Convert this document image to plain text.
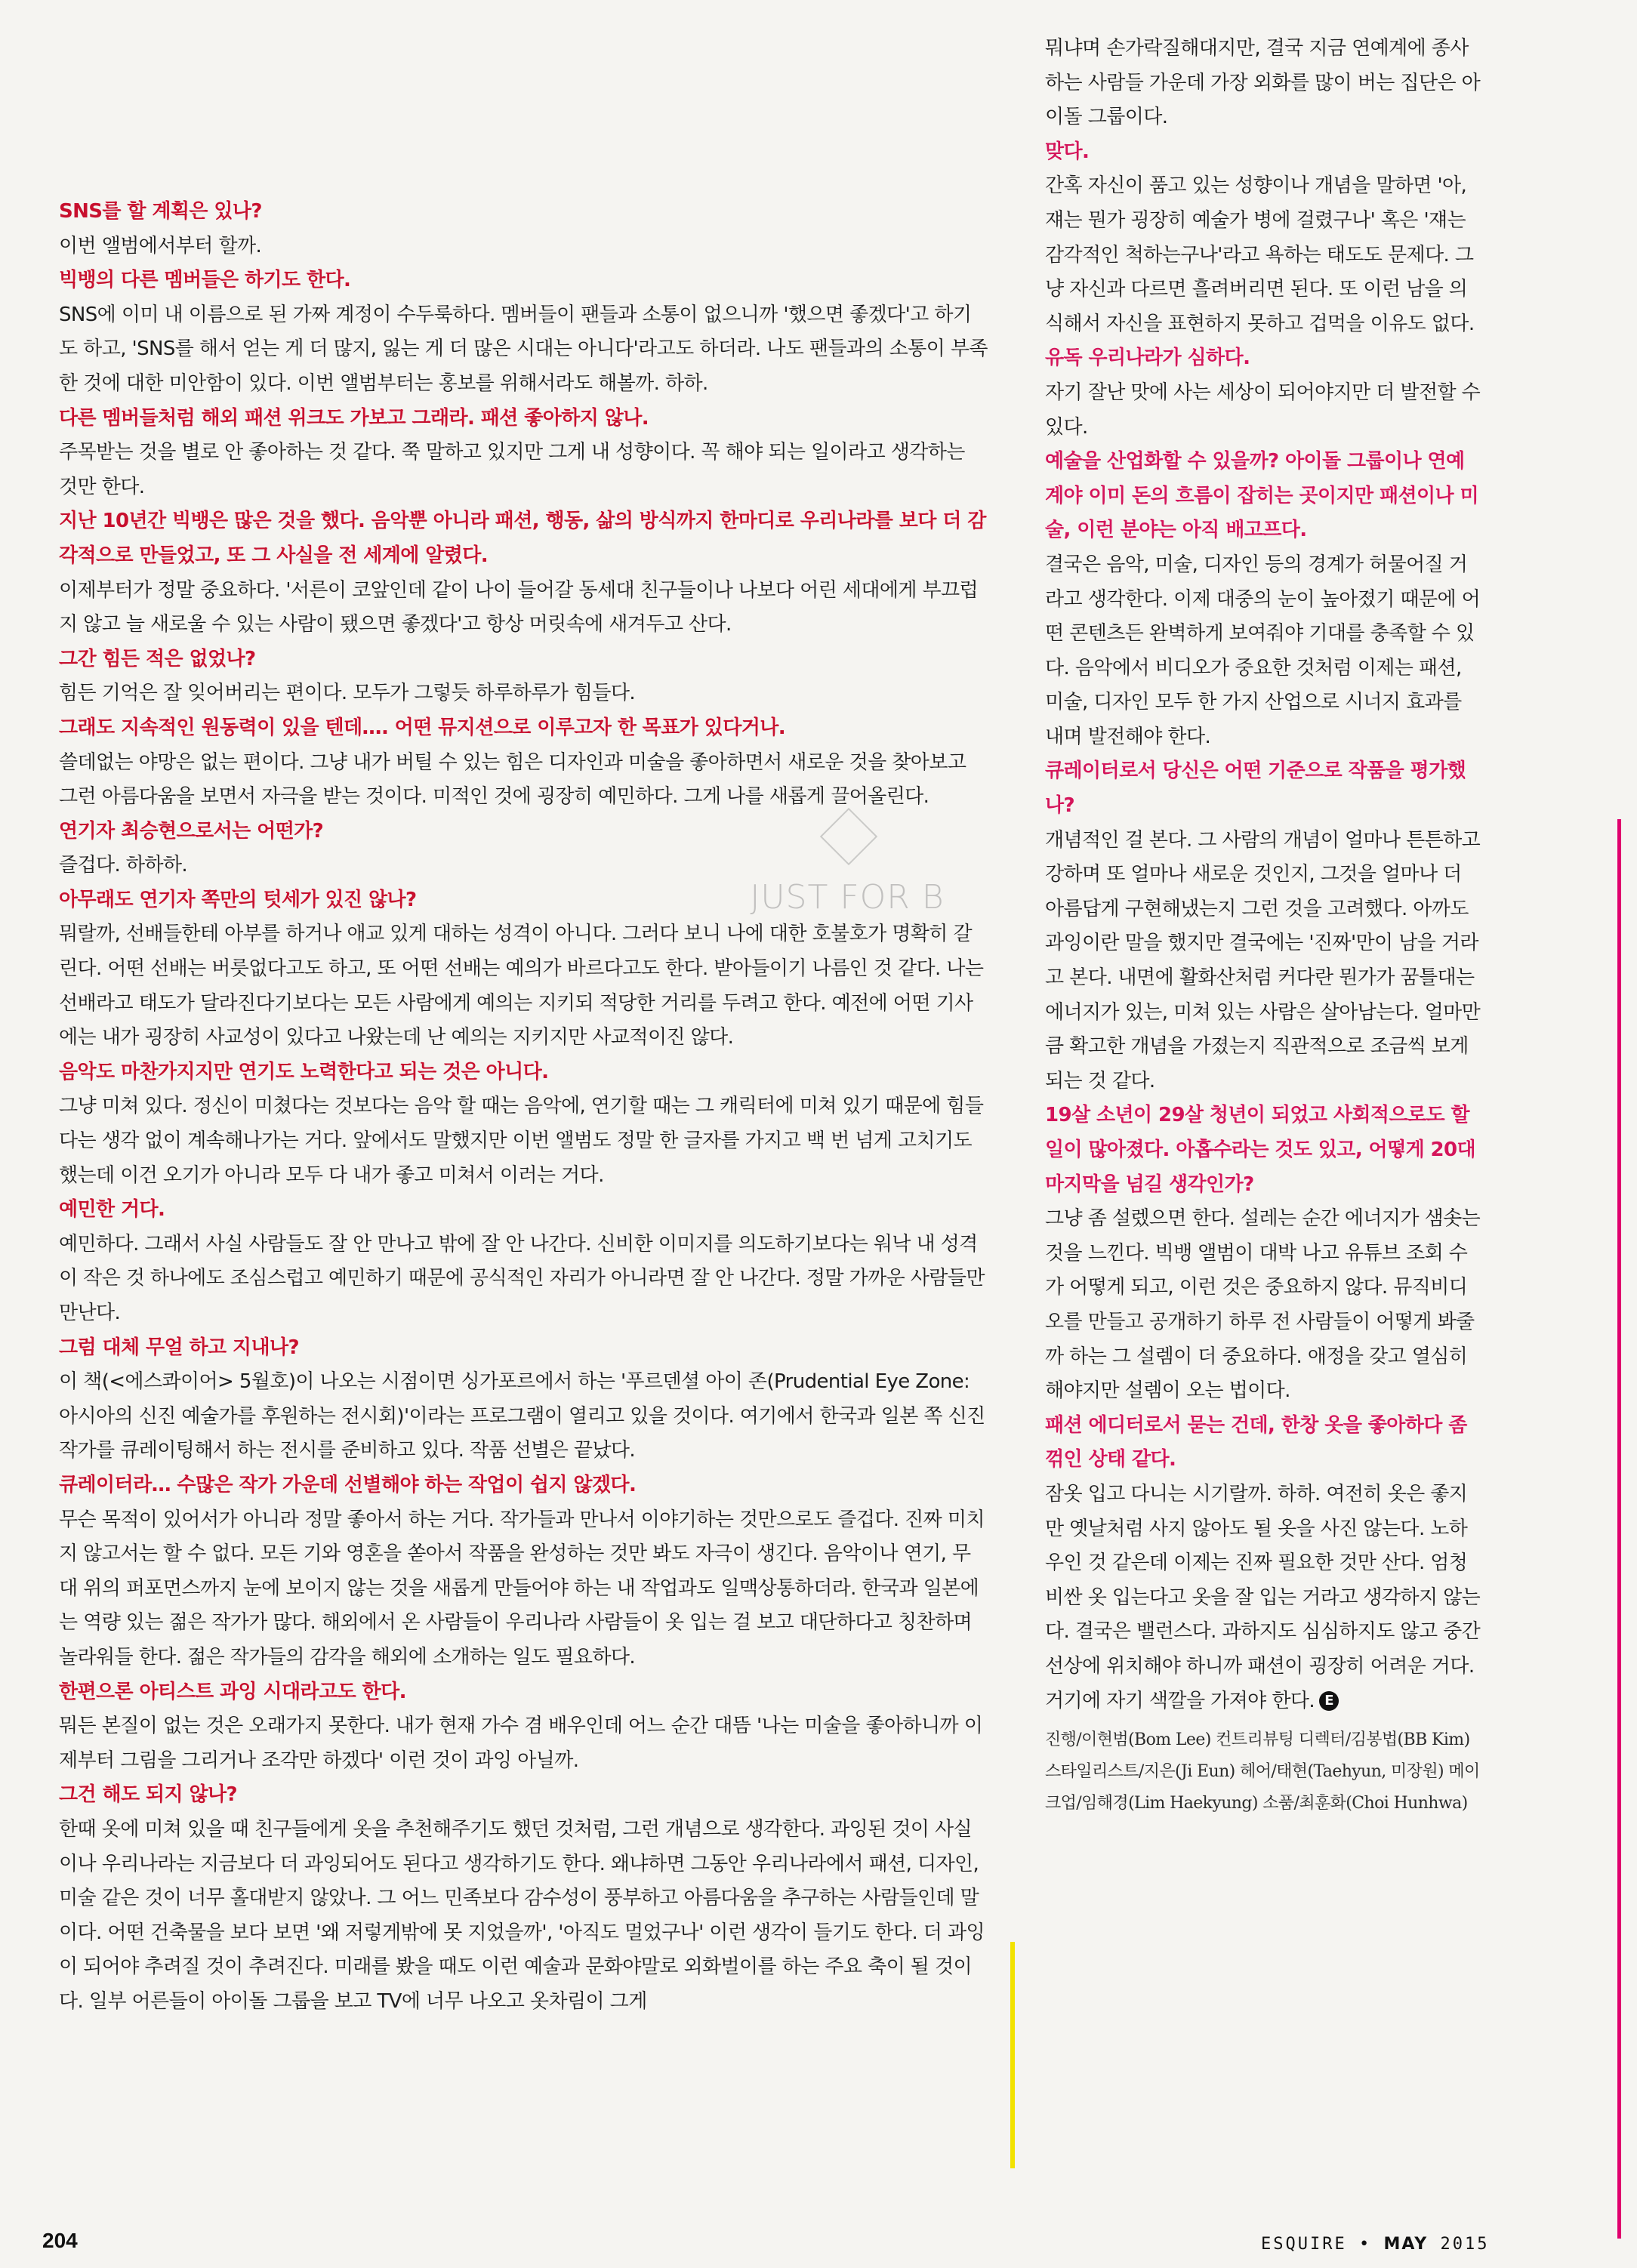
SNS를 할 계획은 있나?
이번 앨범에서부터 할까.
빅뱅의 다른 멤버들은 하기도 한다.
SNS에 이미 내 이름으로 된 가짜 계정이 수두룩하다. 멤버들이 팬들과 소통이 없으니까 '했으면 좋겠다'고 하기도 하고, 'SNS를 해서 얻는 게 더 많지, 잃는 게 더 많은 시대는 아니다'라고도 하더라. 나도 팬들과의 소통이 부족한 것에 대한 미안함이 있다. 이번 앨범부터는 홍보를 위해서라도 해볼까. 하하.
다른 멤버들처럼 해외 패션 위크도 가보고 그래라. 패션 좋아하지 않나.
주목받는 것을 별로 안 좋아하는 것 같다. 쭉 말하고 있지만 그게 내 성향이다. 꼭 해야 되는 일이라고 생각하는 것만 한다.
지난 10년간 빅뱅은 많은 것을 했다. 음악뿐 아니라 패션, 행동, 삶의 방식까지 한마디로 우리나라를 보다 더 감각적으로 만들었고, 또 그 사실을 전 세계에 알렸다.
이제부터가 정말 중요하다. '서른이 코앞인데 같이 나이 들어갈 동세대 친구들이나 나보다 어린 세대에게 부끄럽지 않고 늘 새로울 수 있는 사람이 됐으면 좋겠다'고 항상 머릿속에 새겨두고 산다.
그간 힘든 적은 없었나?
힘든 기억은 잘 잊어버리는 편이다. 모두가 그렇듯 하루하루가 힘들다.
그래도 지속적인 원동력이 있을 텐데…. 어떤 뮤지션으로 이루고자 한 목표가 있다거나.
쓸데없는 야망은 없는 편이다. 그냥 내가 버틸 수 있는 힘은 디자인과 미술을 좋아하면서 새로운 것을 찾아보고 그런 아름다움을 보면서 자극을 받는 것이다. 미적인 것에 굉장히 예민하다. 그게 나를 새롭게 끌어올린다.
연기자 최승현으로서는 어떤가?
즐겁다. 하하하.
아무래도 연기자 쪽만의 텃세가 있진 않나?
뭐랄까, 선배들한테 아부를 하거나 애교 있게 대하는 성격이 아니다. 그러다 보니 나에 대한 호불호가 명확히 갈린다. 어떤 선배는 버릇없다고도 하고, 또 어떤 선배는 예의가 바르다고도 한다. 받아들이기 나름인 것 같다. 나는 선배라고 태도가 달라진다기보다는 모든 사람에게 예의는 지키되 적당한 거리를 두려고 한다. 예전에 어떤 기사에는 내가 굉장히 사교성이 있다고 나왔는데 난 예의는 지키지만 사교적이진 않다.
음악도 마찬가지지만 연기도 노력한다고 되는 것은 아니다.
그냥 미쳐 있다. 정신이 미쳤다는 것보다는 음악 할 때는 음악에, 연기할 때는 그 캐릭터에 미쳐 있기 때문에 힘들다는 생각 없이 계속해나가는 거다. 앞에서도 말했지만 이번 앨범도 정말 한 글자를 가지고 백 번 넘게 고치기도 했는데 이건 오기가 아니라 모두 다 내가 좋고 미쳐서 이러는 거다.
예민한 거다.
예민하다. 그래서 사실 사람들도 잘 안 만나고 밖에 잘 안 나간다. 신비한 이미지를 의도하기보다는 워낙 내 성격이 작은 것 하나에도 조심스럽고 예민하기 때문에 공식적인 자리가 아니라면 잘 안 나간다. 정말 가까운 사람들만 만난다.
그럼 대체 무얼 하고 지내나?
이 책(<에스콰이어> 5월호)이 나오는 시점이면 싱가포르에서 하는 '푸르덴셜 아이 존(Prudential Eye Zone: 아시아의 신진 예술가를 후원하는 전시회)'이라는 프로그램이 열리고 있을 것이다. 여기에서 한국과 일본 쪽 신진 작가를 큐레이팅해서 하는 전시를 준비하고 있다. 작품 선별은 끝났다.
큐레이터라… 수많은 작가 가운데 선별해야 하는 작업이 쉽지 않겠다.
무슨 목적이 있어서가 아니라 정말 좋아서 하는 거다. 작가들과 만나서 이야기하는 것만으로도 즐겁다. 진짜 미치지 않고서는 할 수 없다. 모든 기와 영혼을 쏟아서 작품을 완성하는 것만 봐도 자극이 생긴다. 음악이나 연기, 무대 위의 퍼포먼스까지 눈에 보이지 않는 것을 새롭게 만들어야 하는 내 작업과도 일맥상통하더라. 한국과 일본에는 역량 있는 젊은 작가가 많다. 해외에서 온 사람들이 우리나라 사람들이 옷 입는 걸 보고 대단하다고 칭찬하며 놀라워들 한다. 젊은 작가들의 감각을 해외에 소개하는 일도 필요하다.
한편으론 아티스트 과잉 시대라고도 한다.
뭐든 본질이 없는 것은 오래가지 못한다. 내가 현재 가수 겸 배우인데 어느 순간 대뜸 '나는 미술을 좋아하니까 이제부터 그림을 그리거나 조각만 하겠다' 이런 것이 과잉 아닐까.
그건 해도 되지 않나?
한때 옷에 미쳐 있을 때 친구들에게 옷을 추천해주기도 했던 것처럼, 그런 개념으로 생각한다. 과잉된 것이 사실이나 우리나라는 지금보다 더 과잉되어도 된다고 생각하기도 한다. 왜냐하면 그동안 우리나라에서 패션, 디자인, 미술 같은 것이 너무 홀대받지 않았나. 그 어느 민족보다 감수성이 풍부하고 아름다움을 추구하는 사람들인데 말이다. 어떤 건축물을 보다 보면 '왜 저렇게밖에 못 지었을까', '아직도 멀었구나' 이런 생각이 들기도 한다. 더 과잉이 되어야 추려질 것이 추려진다. 미래를 봤을 때도 이런 예술과 문화야말로 외화벌이를 하는 주요 축이 될 것이다. 일부 어른들이 아이돌 그룹을 보고 TV에 너무 나오고 옷차림이 그게
뭐냐며 손가락질해대지만, 결국 지금 연예계에 종사하는 사람들 가운데 가장 외화를 많이 버는 집단은 아이돌 그룹이다.
맞다.
간혹 자신이 품고 있는 성향이나 개념을 말하면 '아, 쟤는 뭔가 굉장히 예술가 병에 걸렸구나' 혹은 '쟤는 감각적인 척하는구나'라고 욕하는 태도도 문제다. 그냥 자신과 다르면 흘려버리면 된다. 또 이런 남을 의식해서 자신을 표현하지 못하고 겁먹을 이유도 없다.
유독 우리나라가 심하다.
자기 잘난 맛에 사는 세상이 되어야지만 더 발전할 수 있다.
예술을 산업화할 수 있을까? 아이돌 그룹이나 연예계야 이미 돈의 흐름이 잡히는 곳이지만 패션이나 미술, 이런 분야는 아직 배고프다.
결국은 음악, 미술, 디자인 등의 경계가 허물어질 거라고 생각한다. 이제 대중의 눈이 높아졌기 때문에 어떤 콘텐츠든 완벽하게 보여줘야 기대를 충족할 수 있다. 음악에서 비디오가 중요한 것처럼 이제는 패션, 미술, 디자인 모두 한 가지 산업으로 시너지 효과를 내며 발전해야 한다.
큐레이터로서 당신은 어떤 기준으로 작품을 평가했나?
개념적인 걸 본다. 그 사람의 개념이 얼마나 튼튼하고 강하며 또 얼마나 새로운 것인지, 그것을 얼마나 더 아름답게 구현해냈는지 그런 것을 고려했다. 아까도 과잉이란 말을 했지만 결국에는 '진짜'만이 남을 거라고 본다. 내면에 활화산처럼 커다란 뭔가가 꿈틀대는 에너지가 있는, 미쳐 있는 사람은 살아남는다. 얼마만큼 확고한 개념을 가졌는지 직관적으로 조금씩 보게 되는 것 같다.
19살 소년이 29살 청년이 되었고 사회적으로도 할 일이 많아졌다. 아홉수라는 것도 있고, 어떻게 20대 마지막을 넘길 생각인가?
그냥 좀 설렜으면 한다. 설레는 순간 에너지가 샘솟는 것을 느낀다. 빅뱅 앨범이 대박 나고 유튜브 조회 수가 어떻게 되고, 이런 것은 중요하지 않다. 뮤직비디오를 만들고 공개하기 하루 전 사람들이 어떻게 봐줄까 하는 그 설렘이 더 중요하다. 애정을 갖고 열심히 해야지만 설렘이 오는 법이다.
패션 에디터로서 묻는 건데, 한창 옷을 좋아하다 좀 꺾인 상태 같다.
잠옷 입고 다니는 시기랄까. 하하. 여전히 옷은 좋지만 옛날처럼 사지 않아도 될 옷을 사진 않는다. 노하우인 것 같은데 이제는 진짜 필요한 것만 산다. 엄청 비싼 옷 입는다고 옷을 잘 입는 거라고 생각하지 않는다. 결국은 밸런스다. 과하지도 심심하지도 않고 중간 선상에 위치해야 하니까 패션이 굉장히 어려운 거다. 거기에 자기 색깔을 가져야 한다. E
진행/이현범(Bom Lee) 컨트리뷰팅 디렉터/김봉법(BB Kim) 스타일리스트/지은(Ji Eun) 헤어/태현(Taehyun, 미장원) 메이크업/임해경(Lim Haekyung) 소품/최훈화(Choi Hunhwa)
JUST FOR B
204	ESQUIRE • MAY 2015
